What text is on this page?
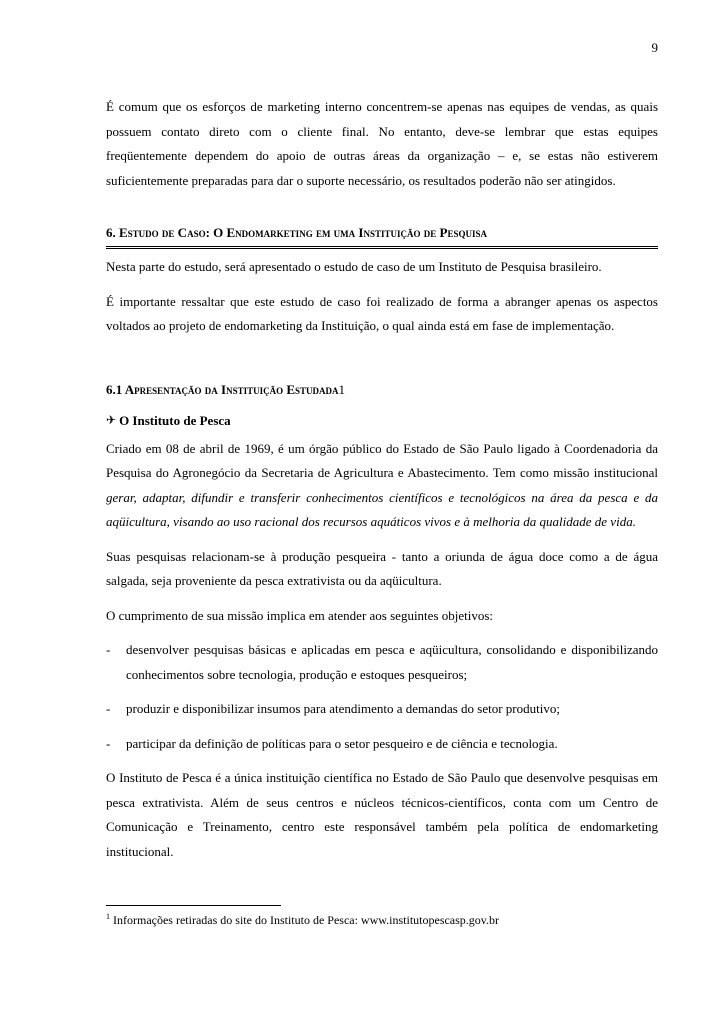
9

É comum que os esforços de marketing interno concentrem-se apenas nas equipes de vendas, as quais possuem contato direto com o cliente final. No entanto, deve-se lembrar que estas equipes freqüentemente dependem do apoio de outras áreas da organização – e, se estas não estiverem suficientemente preparadas para dar o suporte necessário, os resultados poderão não ser atingidos.

6. Estudo de Caso: O Endomarketing em uma Instituição de Pesquisa

Nesta parte do estudo, será apresentado o estudo de caso de um Instituto de Pesquisa brasileiro.

É importante ressaltar que este estudo de caso foi realizado de forma a abranger apenas os aspectos voltados ao projeto de endomarketing da Instituição, o qual ainda está em fase de implementação.

6.1 Apresentação da Instituição Estudada1
✈ O Instituto de Pesca

Criado em 08 de abril de 1969, é um órgão público do Estado de São Paulo ligado à Coordenadoria da Pesquisa do Agronegócio da Secretaria de Agricultura e Abastecimento. Tem como missão institucional gerar, adaptar, difundir e transferir conhecimentos científicos e tecnológicos na área da pesca e da aqüicultura, visando ao uso racional dos recursos aquáticos vivos e à melhoria da qualidade de vida.

Suas pesquisas relacionam-se à produção pesqueira - tanto a oriunda de água doce como a de água salgada, seja proveniente da pesca extrativista ou da aqüicultura.

O cumprimento de sua missão implica em atender aos seguintes objetivos:

-	desenvolver pesquisas básicas e aplicadas em pesca e aqüicultura, consolidando e disponibilizando conhecimentos sobre tecnologia, produção e estoques pesqueiros;
-	produzir e disponibilizar insumos para atendimento a demandas do setor produtivo;
-	participar da definição de políticas para o setor pesqueiro e de ciência e tecnologia.

O Instituto de Pesca é a única instituição científica no Estado de São Paulo que desenvolve pesquisas em pesca extrativista. Além de seus centros e núcleos técnicos-científicos, conta com um Centro de Comunicação e Treinamento, centro este responsável também pela política de endomarketing institucional.

$^1$ Informações retiradas do site do Instituto de Pesca: www.institutopescasp.gov.br
